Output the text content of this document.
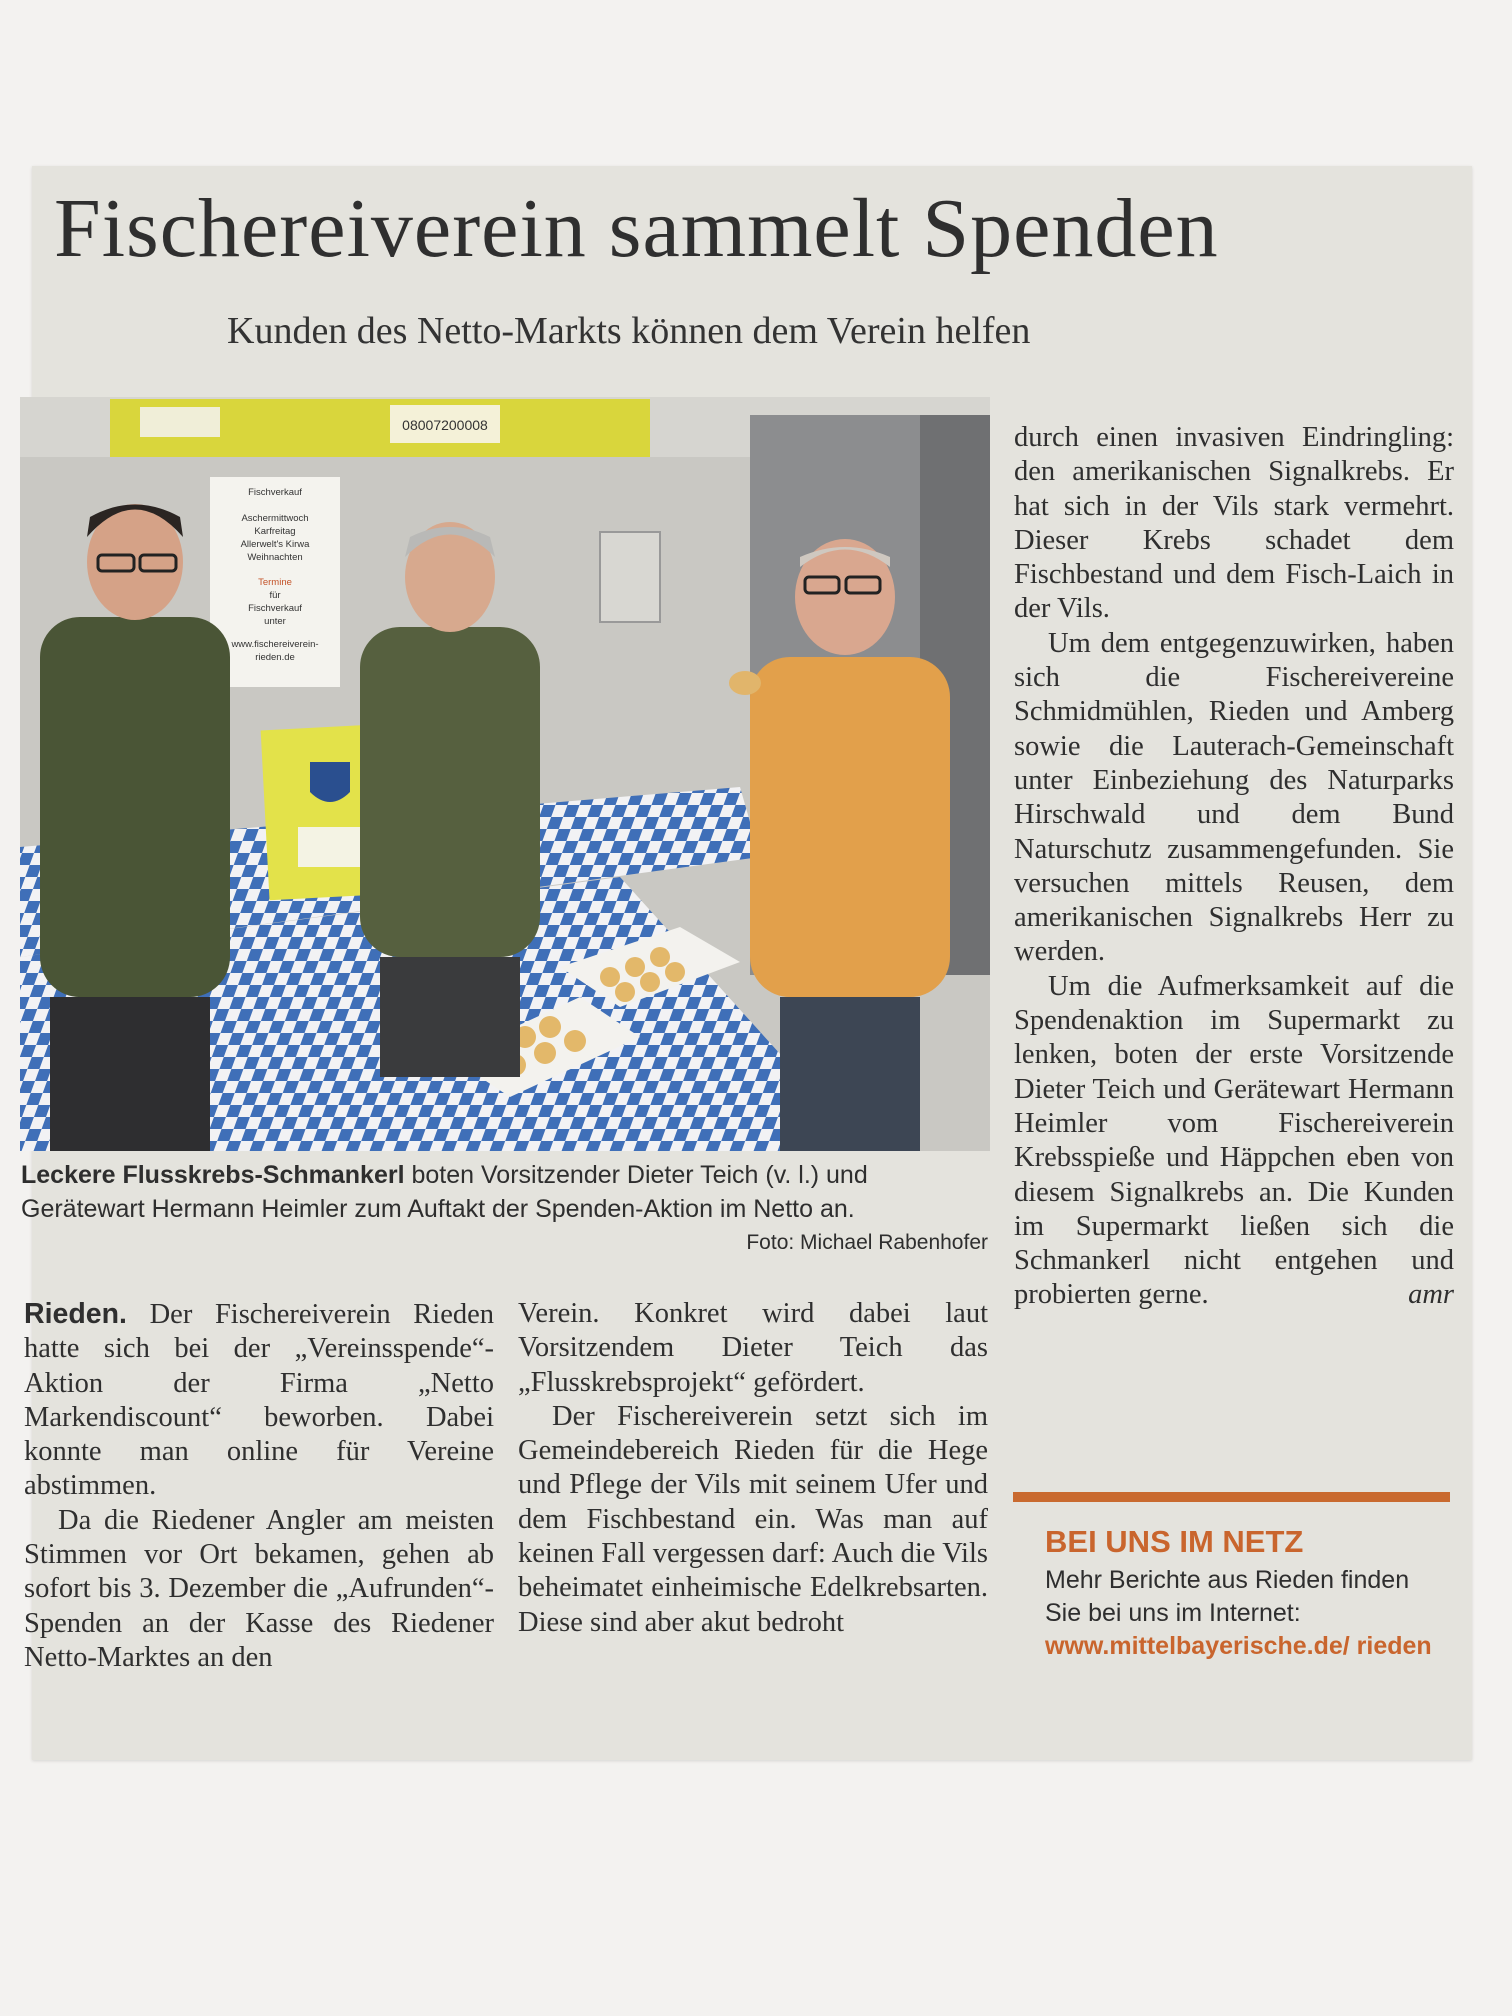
Fischereiverein sammelt Spenden
Kunden des Netto-Markts können dem Verein helfen
08007200008
Fischverkauf
Aschermittwoch
Karfreitag
Allerwelt's Kirwa
Weihnachten
Termine
für
Fischverkauf
unter
www.fischereiverein-
rieden.de
Leckere Flusskrebs-Schmankerl boten Vorsitzender Dieter Teich (v. l.) und Gerätewart Hermann Heimler zum Auftakt der Spenden-Aktion im Netto an.
Foto: Michael Rabenhofer

Rieden. Der Fischereiverein Rieden hatte sich bei der „Vereinsspende“-Aktion der Firma „Netto Markendiscount“ beworben. Dabei konnte man online für Vereine abstimmen.

Da die Riedener Angler am meisten Stimmen vor Ort bekamen, gehen ab sofort bis 3. Dezember die „Aufrunden“-Spenden an der Kasse des Riedener Netto-Marktes an den

Verein. Konkret wird dabei laut Vorsitzendem Dieter Teich das „Flusskrebsprojekt“ gefördert.

Der Fischereiverein setzt sich im Gemeindebereich Rieden für die Hege und Pflege der Vils mit seinem Ufer und dem Fischbestand ein. Was man auf keinen Fall vergessen darf: Auch die Vils beheimatet einheimische Edelkrebsarten. Diese sind aber akut bedroht

durch einen invasiven Eindringling: den amerikanischen Signalkrebs. Er hat sich in der Vils stark vermehrt. Dieser Krebs schadet dem Fischbestand und dem Fisch-Laich in der Vils.

Um dem entgegenzuwirken, haben sich die Fischereivereine Schmidmühlen, Rieden und Amberg sowie die Lauterach-Gemeinschaft unter Einbeziehung des Naturparks Hirschwald und dem Bund Naturschutz zusammengefunden. Sie versuchen mittels Reusen, dem amerikanischen Signalkrebs Herr zu werden.

Um die Aufmerksamkeit auf die Spendenaktion im Supermarkt zu lenken, boten der erste Vorsitzende Dieter Teich und Gerätewart Hermann Heimler vom Fischereiverein Krebsspieße und Häppchen eben von diesem Signalkrebs an. Die Kunden im Supermarkt ließen sich die Schmankerl nicht entgehen und probierten gerne.	amr

BEI UNS IM NETZ
Mehr Berichte aus Rieden finden Sie bei uns im Internet:
www.mittelbayerische.de/ rieden
